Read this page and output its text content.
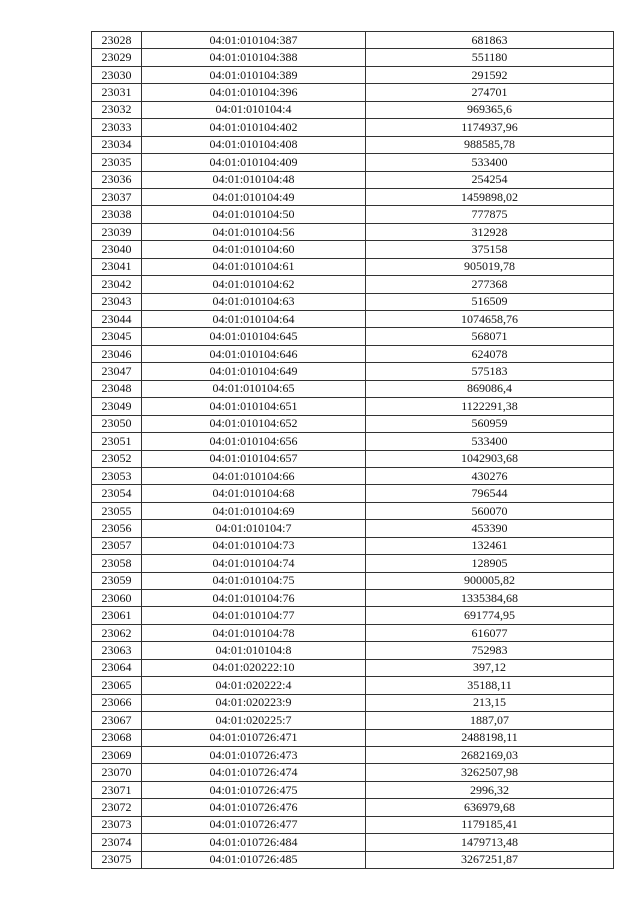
23028	04:01:010104:387	681863
23029	04:01:010104:388	551180
23030	04:01:010104:389	291592
23031	04:01:010104:396	274701
23032	04:01:010104:4	969365,6
23033	04:01:010104:402	1174937,96
23034	04:01:010104:408	988585,78
23035	04:01:010104:409	533400
23036	04:01:010104:48	254254
23037	04:01:010104:49	1459898,02
23038	04:01:010104:50	777875
23039	04:01:010104:56	312928
23040	04:01:010104:60	375158
23041	04:01:010104:61	905019,78
23042	04:01:010104:62	277368
23043	04:01:010104:63	516509
23044	04:01:010104:64	1074658,76
23045	04:01:010104:645	568071
23046	04:01:010104:646	624078
23047	04:01:010104:649	575183
23048	04:01:010104:65	869086,4
23049	04:01:010104:651	1122291,38
23050	04:01:010104:652	560959
23051	04:01:010104:656	533400
23052	04:01:010104:657	1042903,68
23053	04:01:010104:66	430276
23054	04:01:010104:68	796544
23055	04:01:010104:69	560070
23056	04:01:010104:7	453390
23057	04:01:010104:73	132461
23058	04:01:010104:74	128905
23059	04:01:010104:75	900005,82
23060	04:01:010104:76	1335384,68
23061	04:01:010104:77	691774,95
23062	04:01:010104:78	616077
23063	04:01:010104:8	752983
23064	04:01:020222:10	397,12
23065	04:01:020222:4	35188,11
23066	04:01:020223:9	213,15
23067	04:01:020225:7	1887,07
23068	04:01:010726:471	2488198,11
23069	04:01:010726:473	2682169,03
23070	04:01:010726:474	3262507,98
23071	04:01:010726:475	2996,32
23072	04:01:010726:476	636979,68
23073	04:01:010726:477	1179185,41
23074	04:01:010726:484	1479713,48
23075	04:01:010726:485	3267251,87
